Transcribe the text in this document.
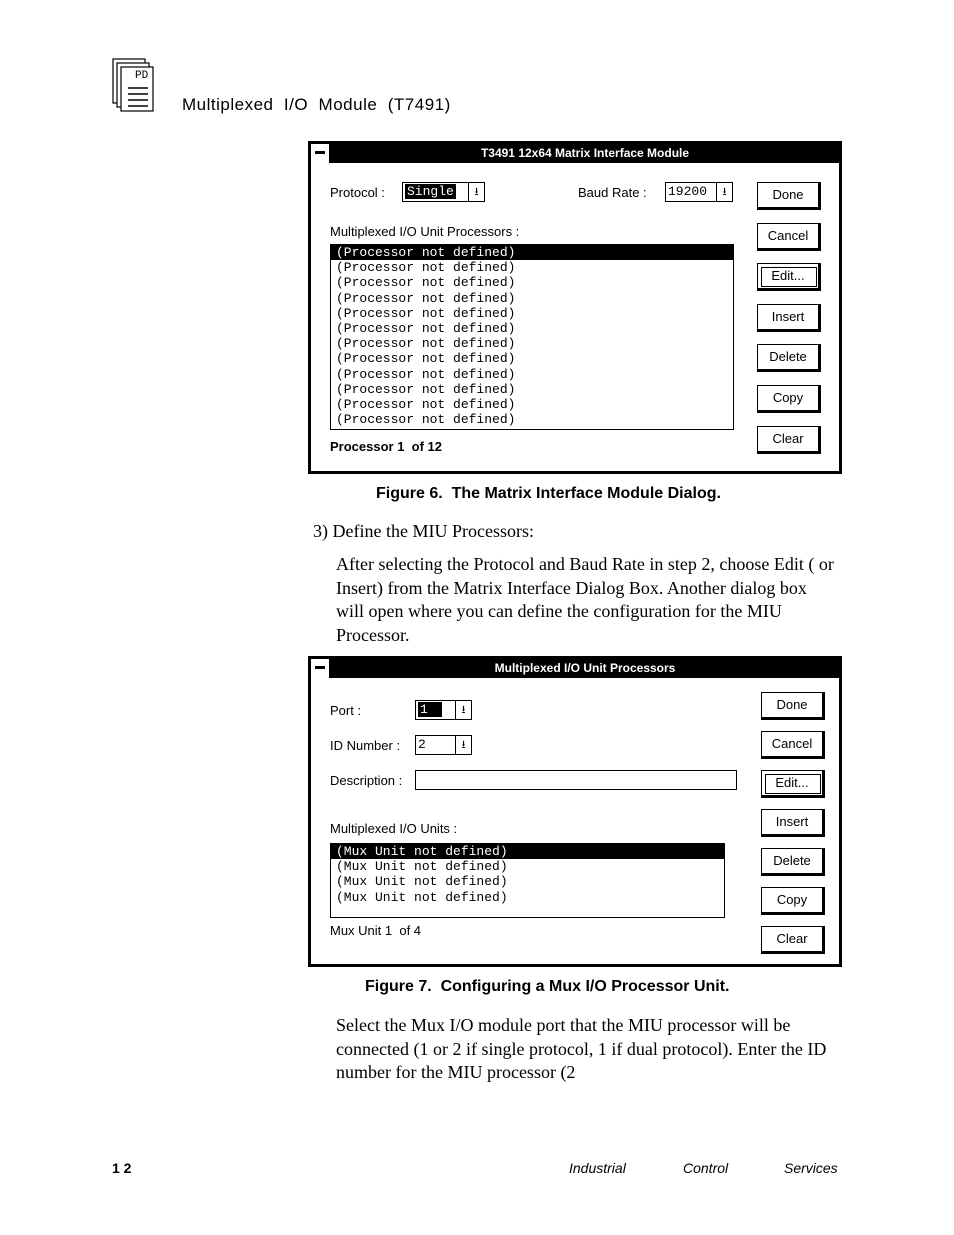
PD
Multiplexed  I/O  Module  (T7491)
T3491 12x64 Matrix Interface Module
Protocol : Single	⭳	Baud Rate : 19200	⭳
Multiplexed I/O Unit Processors :
(Processor not defined)
(Processor not defined)
(Processor not defined)
(Processor not defined)
(Processor not defined)
(Processor not defined)
(Processor not defined)
(Processor not defined)
(Processor not defined)
(Processor not defined)
(Processor not defined)
(Processor not defined)
Processor 1  of 12
Done
Cancel
Edit...
Insert
Delete
Copy
Clear
Figure 6.  The Matrix Interface Module Dialog.
3) Define the MIU Processors:
After selecting the Protocol and Baud Rate in step 2, choose Edit ( or Insert) from the Matrix Interface Dialog Box. Another dialog box will open where you can define the configuration for the MIU Processor.
Multiplexed I/O Unit Processors
Port :	1	⭳
ID Number : 2	⭳
Description :
Multiplexed I/O Units :
(Mux Unit not defined)
(Mux Unit not defined)
(Mux Unit not defined)
(Mux Unit not defined)
Mux Unit 1  of 4
Done
Cancel
Edit...
Insert
Delete
Copy
Clear
Figure 7.  Configuring a Mux I/O Processor Unit.
Select the Mux I/O module port that the MIU processor will be connected (1 or 2 if single protocol, 1 if dual protocol). Enter the ID number for the MIU processor (2
1 2	Industrial	Control	Services
